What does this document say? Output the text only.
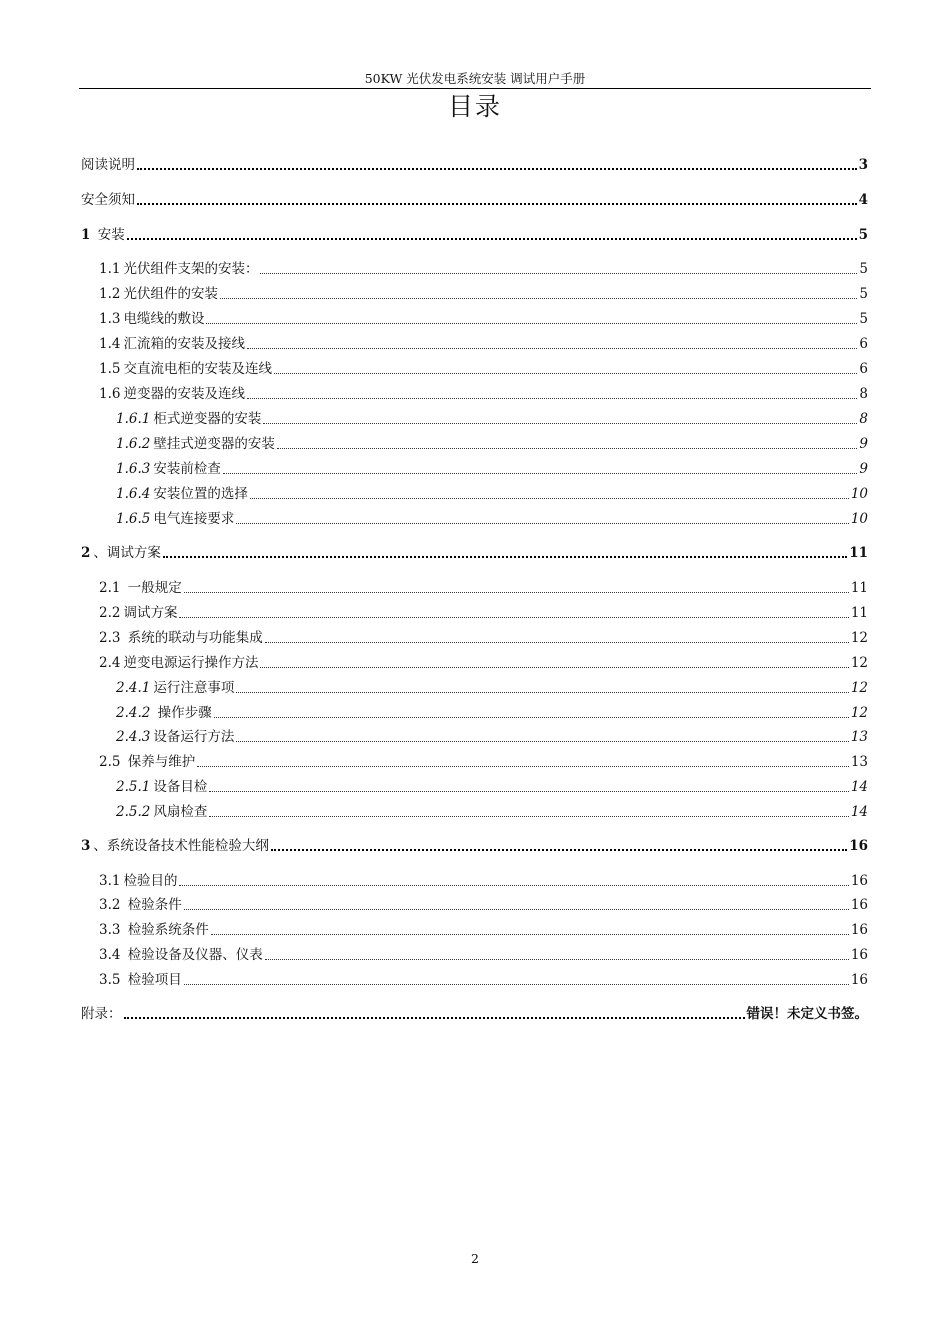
50KW 光伏发电系统安装 调试用户手册
目录
阅读说明	3
安全须知	4
1 安装	5
1.1 光伏组件支架的安装：	5
1.2 光伏组件的安装	5
1.3 电缆线的敷设	5
1.4 汇流箱的安装及接线	6
1.5 交直流电柜的安装及连线	6
1.6 逆变器的安装及连线	8
1.6.1 柜式逆变器的安装	8
1.6.2 壁挂式逆变器的安装	9
1.6.3 安装前检查	9
1.6.4 安装位置的选择	10
1.6.5 电气连接要求	10
2 、调试方案	11
2.1 一般规定	11
2.2 调试方案	11
2.3 系统的联动与功能集成	12
2.4 逆变电源运行操作方法	12
2.4.1 运行注意事项	12
2.4.2 操作步骤	12
2.4.3 设备运行方法	13
2.5 保养与维护	13
2.5.1 设备目检	14
2.5.2 风扇检查	14
3 、系统设备技术性能检验大纲	16
3.1 检验目的	16
3.2 检验条件	16
3.3 检验系统条件	16
3.4 检验设备及仪器、仪表	16
3.5 检验项目	16
附录：	错误！未定义书签。
2
